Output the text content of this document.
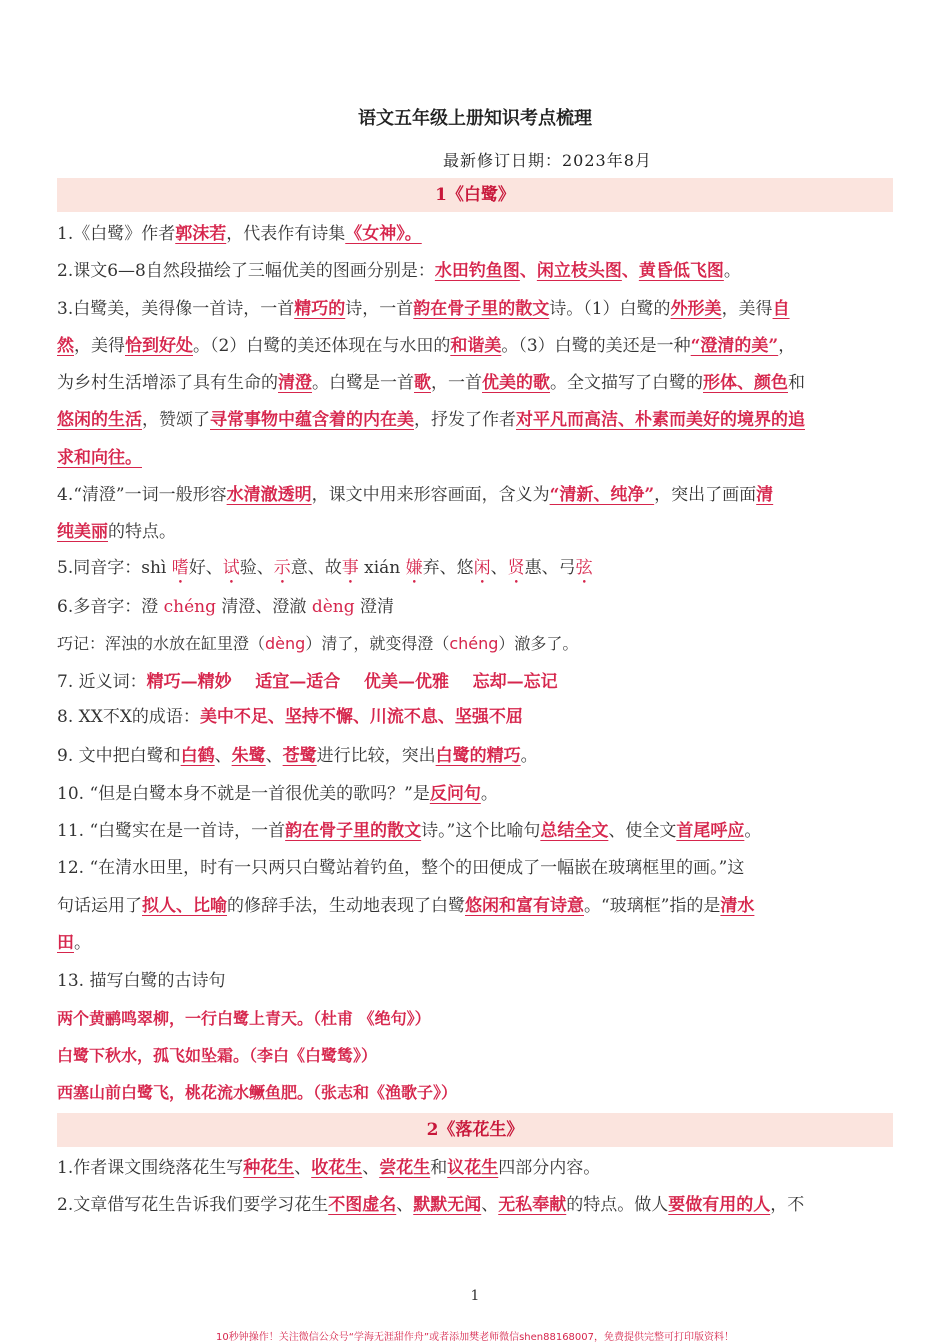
语文五年级上册知识考点梳理
最新修订日期：2023年8月
1《白鹭》
1.《白鹭》作者郭沫若，代表作有诗集《女神》。
2.课文6—8自然段描绘了三幅优美的图画分别是：水田钓鱼图、闲立枝头图、黄昏低飞图。
3.白鹭美，美得像一首诗，一首精巧的诗，一首韵在骨子里的散文诗。（1）白鹭的外形美，美得自
然，美得恰到好处。（2）白鹭的美还体现在与水田的和谐美。（3）白鹭的美还是一种“澄清的美”，
为乡村生活增添了具有生命的清澄。白鹭是一首歌，一首优美的歌。全文描写了白鹭的形体、颜色和
悠闲的生活，赞颂了寻常事物中蕴含着的内在美，抒发了作者对平凡而高洁、朴素而美好的境界的追
求和向往。
4.“清澄”一词一般形容水清澈透明，课文中用来形容画面，含义为“清新、纯净”，突出了画面清
纯美丽的特点。
5.同音字：shì 嗜好、试验、示意、故事 xián 嫌弃、悠闲、贤惠、弓弦
6.多音字：澄 chéng 清澄、澄澈 dèng 澄清
巧记：浑浊的水放在缸里澄（dèng）清了，就变得澄（chéng）澈多了。
7. 近义词：精巧—精妙    适宜—适合    优美—优雅    忘却—忘记
8. XX不X的成语：美中不足、坚持不懈、川流不息、坚强不屈
9. 文中把白鹭和白鹤、朱鹭、苍鹭进行比较，突出白鹭的精巧。
10. “但是白鹭本身不就是一首很优美的歌吗？”是反问句。
11. “白鹭实在是一首诗，一首韵在骨子里的散文诗。”这个比喻句总结全文、使全文首尾呼应。
12. “在清水田里，时有一只两只白鹭站着钓鱼，整个的田便成了一幅嵌在玻璃框里的画。”这
句话运用了拟人、比喻的修辞手法，生动地表现了白鹭悠闲和富有诗意。“玻璃框”指的是清水
田。
13. 描写白鹭的古诗句
两个黄鹂鸣翠柳，一行白鹭上青天。（杜甫 《绝句》）
白鹭下秋水，孤飞如坠霜。（李白《白鹭鸶》）
西塞山前白鹭飞，桃花流水鳜鱼肥。（张志和《渔歌子》）
2《落花生》
1.作者课文围绕落花生写种花生、收花生、尝花生和议花生四部分内容。
2.文章借写花生告诉我们要学习花生不图虚名、默默无闻、无私奉献的特点。做人要做有用的人，不
1
10秒钟操作！关注微信公众号“学海无涯甜作舟”或者添加樊老师微信shen88168007，免费提供完整可打印版资料！
